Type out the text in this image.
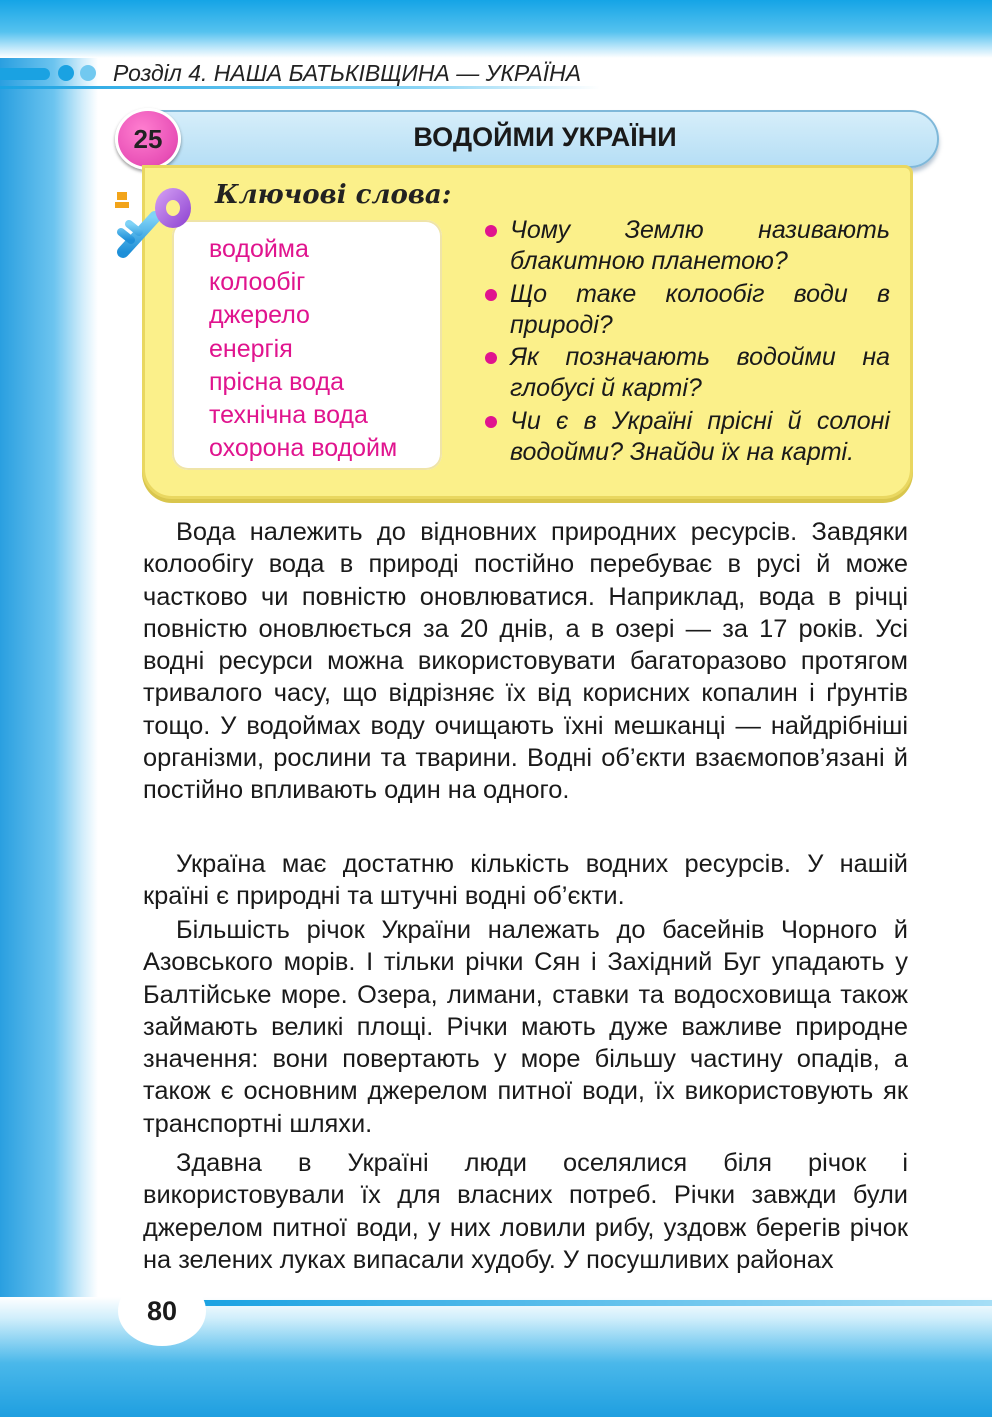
Розділ 4. НАША БАТЬКІВЩИНА — УКРАЇНА
ВОДОЙМИ УКРАЇНИ
25
Ключові слова:
водойма
колообіг
джерело
енергія
прісна вода
технічна вода
охорона водойм
Чому Землю називають блакитною планетою?
Що таке колообіг води в природі?
Як позначають водойми на глобусі й карті?
Чи є в Україні прісні й солоні водойми? Знайди їх на карті.
Вода належить до відновних природних ресурсів. Завдяки колообігу вода в природі постійно перебуває в русі й може частково чи повністю оновлюватися. Наприклад, вода в річці повністю оновлюється за 20 днів, а в озері — за 17 років. Усі водні ресурси можна використовувати багаторазово протягом тривалого часу, що відрізняє їх від корисних копалин і ґрунтів тощо. У водоймах воду очищають їхні мешканці — найдрібніші організми, рослини та тварини. Водні об’єкти взаємопов’язані й постійно впливають один на одного.
Україна має достатню кількість водних ресурсів. У нашій країні є природні та штучні водні об’єкти.
Більшість річок України належать до басейнів Чорного й Азовського морів. І тільки річки Сян і Західний Буг упадають у Балтійське море. Озера, лимани, ставки та водосховища також займають великі площі. Річки мають дуже важливе природне значення: вони повертають у море більшу частину опадів, а також є основним джерелом питної води, їх використовують як транспортні шляхи.
Здавна в Україні люди оселялися біля річок і використовували їх для власних потреб. Річки завжди були джерелом питної води, у них ловили рибу, уздовж берегів річок на зелених луках випасали худобу. У посушливих районах
80
